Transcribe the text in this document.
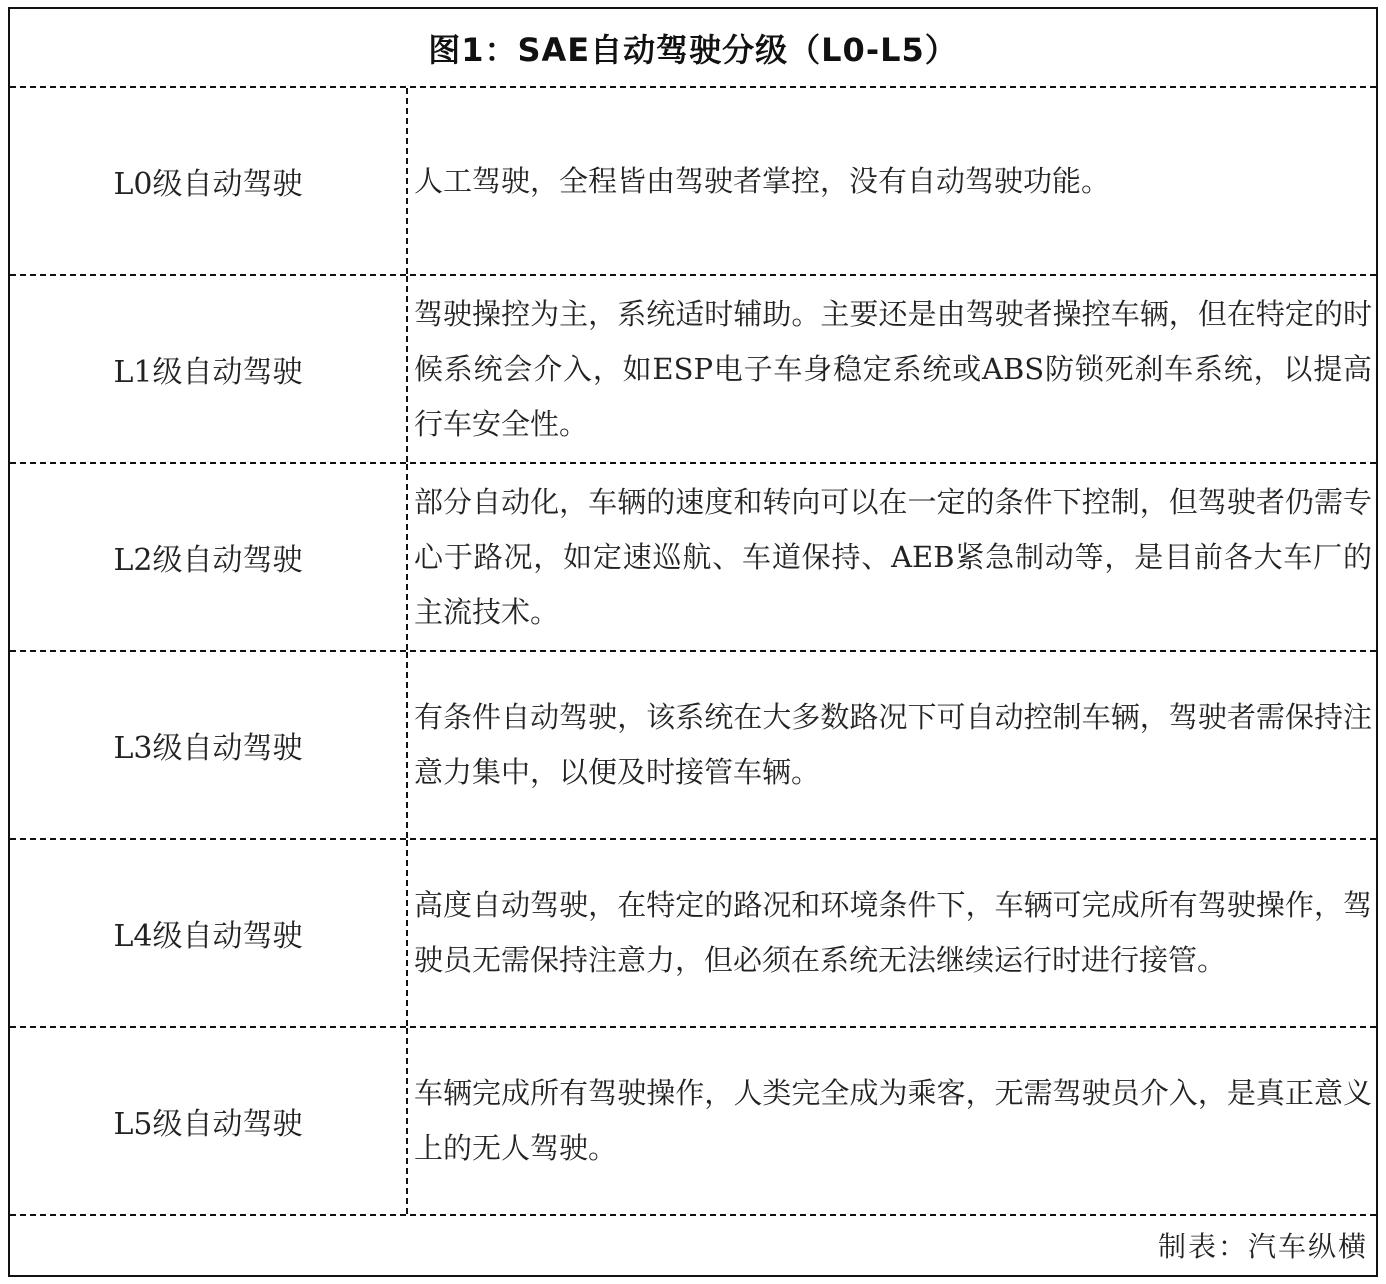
图1：SAE自动驾驶分级（L0-L5）
L0级自动驾驶	人工驾驶，全程皆由驾驶者掌控，没有自动驾驶功能。
L1级自动驾驶
驾驶操控为主，系统适时辅助。主要还是由驾驶者操控车辆，但在特定的时候系统会介入，如ESP电子车身稳定系统或ABS防锁死刹车系统，以提高行车安全性。
L2级自动驾驶
部分自动化，车辆的速度和转向可以在一定的条件下控制，但驾驶者仍需专心于路况，如定速巡航、车道保持、AEB紧急制动等，是目前各大车厂的主流技术。
L3级自动驾驶
有条件自动驾驶，该系统在大多数路况下可自动控制车辆，驾驶者需保持注意力集中，以便及时接管车辆。
L4级自动驾驶
高度自动驾驶，在特定的路况和环境条件下，车辆可完成所有驾驶操作，驾驶员无需保持注意力，但必须在系统无法继续运行时进行接管。
L5级自动驾驶
车辆完成所有驾驶操作，人类完全成为乘客，无需驾驶员介入，是真正意义上的无人驾驶。
制表：汽车纵横
